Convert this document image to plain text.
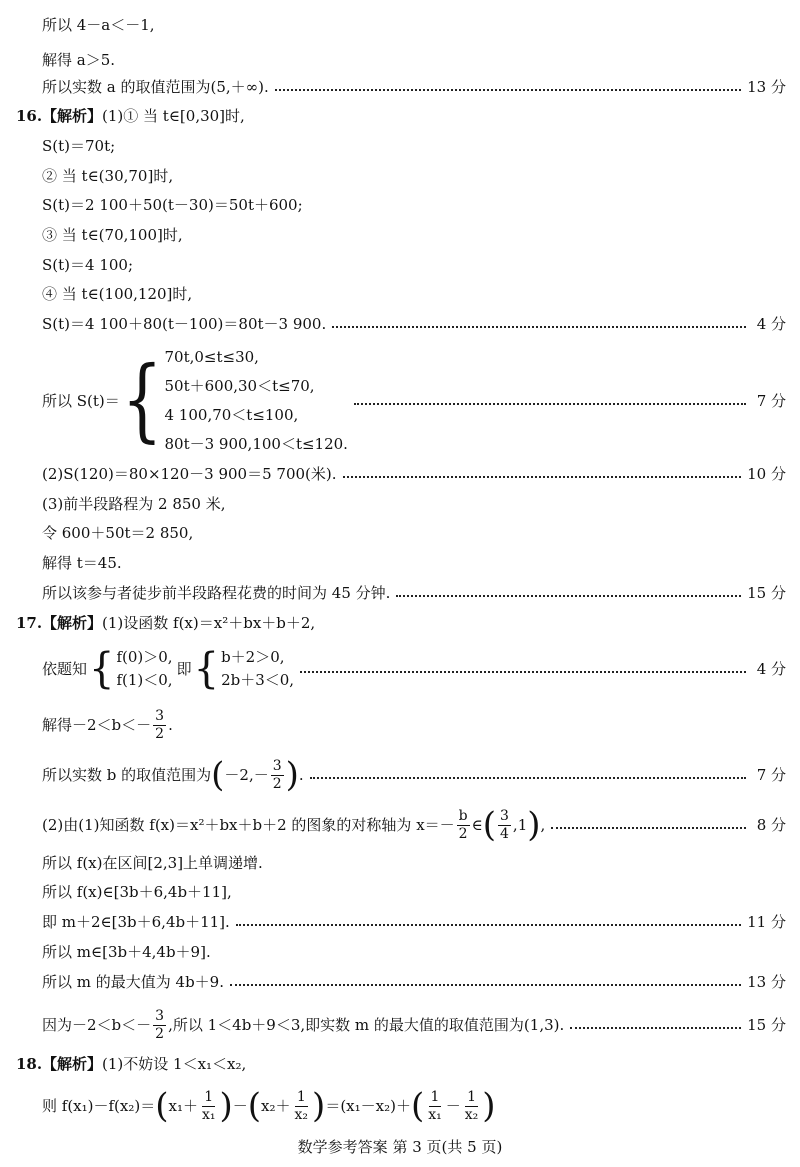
所以 4－a＜－1,
解得 a＞5.
所以实数 a 的取值范围为(5,＋∞).	13 分
16. 【解析】 (1)① 当 t∈[0,30]时,
S(t)＝70t;
② 当 t∈(30,70]时,
S(t)＝2 100＋50(t－30)＝50t＋600;
③ 当 t∈(70,100]时,
S(t)＝4 100;
④ 当 t∈(100,120]时,
S(t)＝4 100＋80(t－100)＝80t－3 900.	4 分
所以 S(t)＝ { 70t,0≤t≤30,
50t＋600,30＜t≤70,
4 100,70＜t≤100,
80t－3 900,100＜t≤120.
7 分
(2)S(120)＝80×120－3 900＝5 700(米).	10 分
(3)前半段路程为 2 850 米,
令 600＋50t＝2 850,
解得 t＝45.
所以该参与者徒步前半段路程花费的时间为 45 分钟.	15 分
17. 【解析】 (1)设函数 f(x)＝x²＋bx＋b＋2,
依题知 { f(0)＞0,
f(1)＜0,
即 { b＋2＞0,
2b＋3＜0,
4 分
解得$-2<b<- \frac{3}{2}$ .
所以实数 b 的取值范围为 ( $-2,- \frac{3}{2}$ ) .	7 分
(2)由(1)知函数 f(x)＝x²＋bx＋b＋2 的图象的对称轴为 $x=- \frac{b}{2}$ ∈ ( $\frac{3}{4} ,1$ ) ,	8 分
所以 f(x)在区间[2,3]上单调递增.
所以 f(x)∈[3b＋6,4b＋11],
即 m＋2∈[3b＋6,4b＋11].	11 分
所以 m∈[3b＋4,4b＋9].
所以 m 的最大值为 4b＋9.	13 分
因为$-2<b<- \frac{3}{2}$ ,所以 1＜4b＋9＜3,即实数 m 的最大值的取值范围为(1,3).	15 分
18. 【解析】 (1)不妨设 1＜x₁＜x₂,
则 f(x₁)－f(x₂)＝ ( $x_1+ \frac{1}{\text{x₁}}$ ) － ( $x_2+ \frac{1}{\text{x₂}}$ ) ＝(x₁－x₂)＋ ( $\frac{1}{\text{x₁}} - \frac{1}{\text{x₂}}$ )
数学参考答案 第 3 页(共 5 页)
